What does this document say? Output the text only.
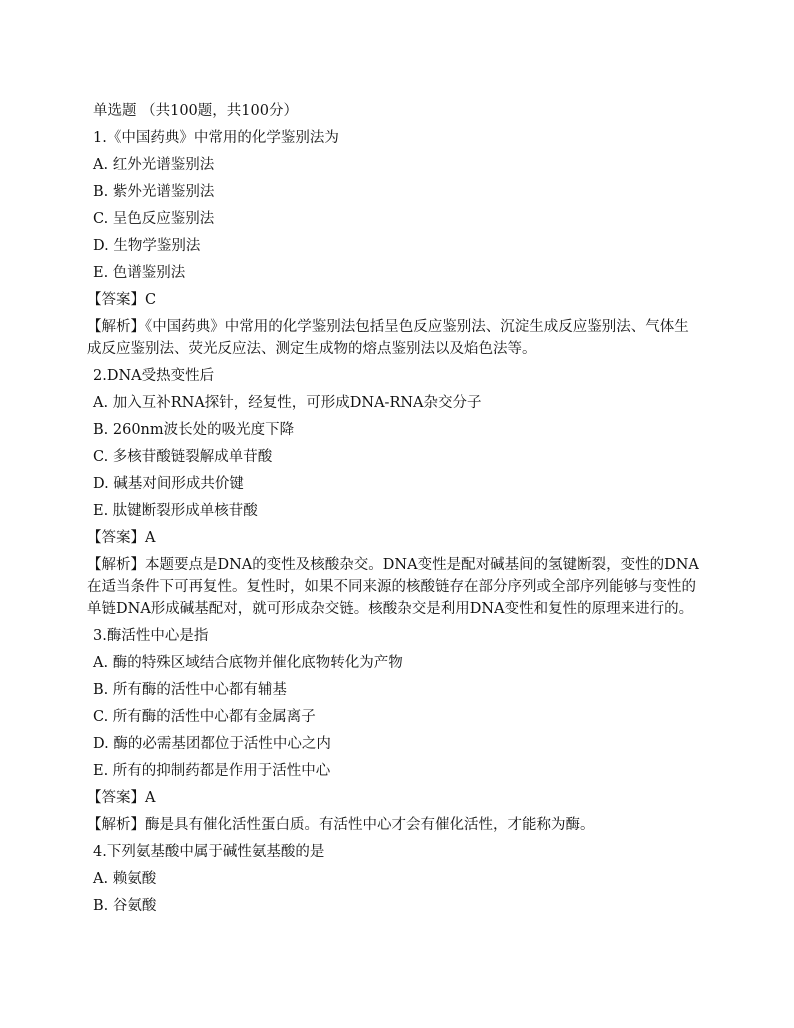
单选题 （共100题，共100分）

1.《中国药典》中常用的化学鉴别法为

A. 红外光谱鉴别法

B. 紫外光谱鉴别法

C. 呈色反应鉴别法

D. 生物学鉴别法

E. 色谱鉴别法

【答案】C

【解析】《中国药典》中常用的化学鉴别法包括呈色反应鉴别法、沉淀生成反应鉴别法、气体生成反应鉴别法、荧光反应法、测定生成物的熔点鉴别法以及焰色法等。

2.DNA受热变性后

A. 加入互补RNA探针，经复性，可形成DNA-RNA杂交分子

B. 260nm波长处的吸光度下降

C. 多核苷酸链裂解成单苷酸

D. 碱基对间形成共价键

E. 肽键断裂形成单核苷酸

【答案】A

【解析】本题要点是DNA的变性及核酸杂交。DNA变性是配对碱基间的氢键断裂，变性的DNA在适当条件下可再复性。复性时，如果不同来源的核酸链存在部分序列或全部序列能够与变性的单链DNA形成碱基配对，就可形成杂交链。核酸杂交是利用DNA变性和复性的原理来进行的。

3.酶活性中心是指

A. 酶的特殊区域结合底物并催化底物转化为产物

B. 所有酶的活性中心都有辅基

C. 所有酶的活性中心都有金属离子

D. 酶的必需基团都位于活性中心之内

E. 所有的抑制药都是作用于活性中心

【答案】A

【解析】酶是具有催化活性蛋白质。有活性中心才会有催化活性，才能称为酶。

4.下列氨基酸中属于碱性氨基酸的是

A. 赖氨酸

B. 谷氨酸
